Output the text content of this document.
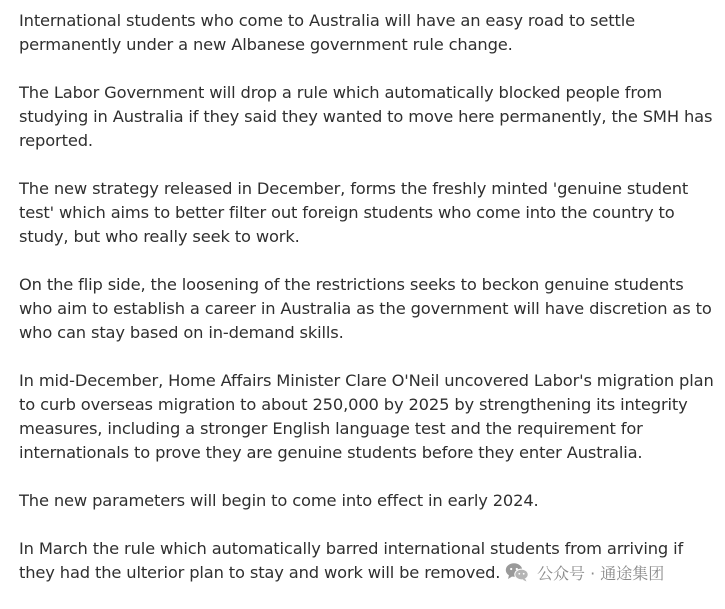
International students who come to Australia will have an easy road to settle permanently under a new Albanese government rule change.

The Labor Government will drop a rule which automatically blocked people from studying in Australia if they said they wanted to move here permanently, the SMH has reported.

The new strategy released in December, forms the freshly minted 'genuine student test' which aims to better filter out foreign students who come into the country to study, but who really seek to work.

On the flip side, the loosening of the restrictions seeks to beckon genuine students who aim to establish a career in Australia as the government will have discretion as to who can stay based on in-demand skills.

In mid-December, Home Affairs Minister Clare O'Neil uncovered Labor's migration plan to curb overseas migration to about 250,000 by 2025 by strengthening its integrity measures, including a stronger English language test and the requirement for internationals to prove they are genuine students before they enter Australia.

The new parameters will begin to come into effect in early 2024.

In March the rule which automatically barred international students from arriving if they had the ulterior plan to stay and work will be removed.	公众号 · 通途集团
